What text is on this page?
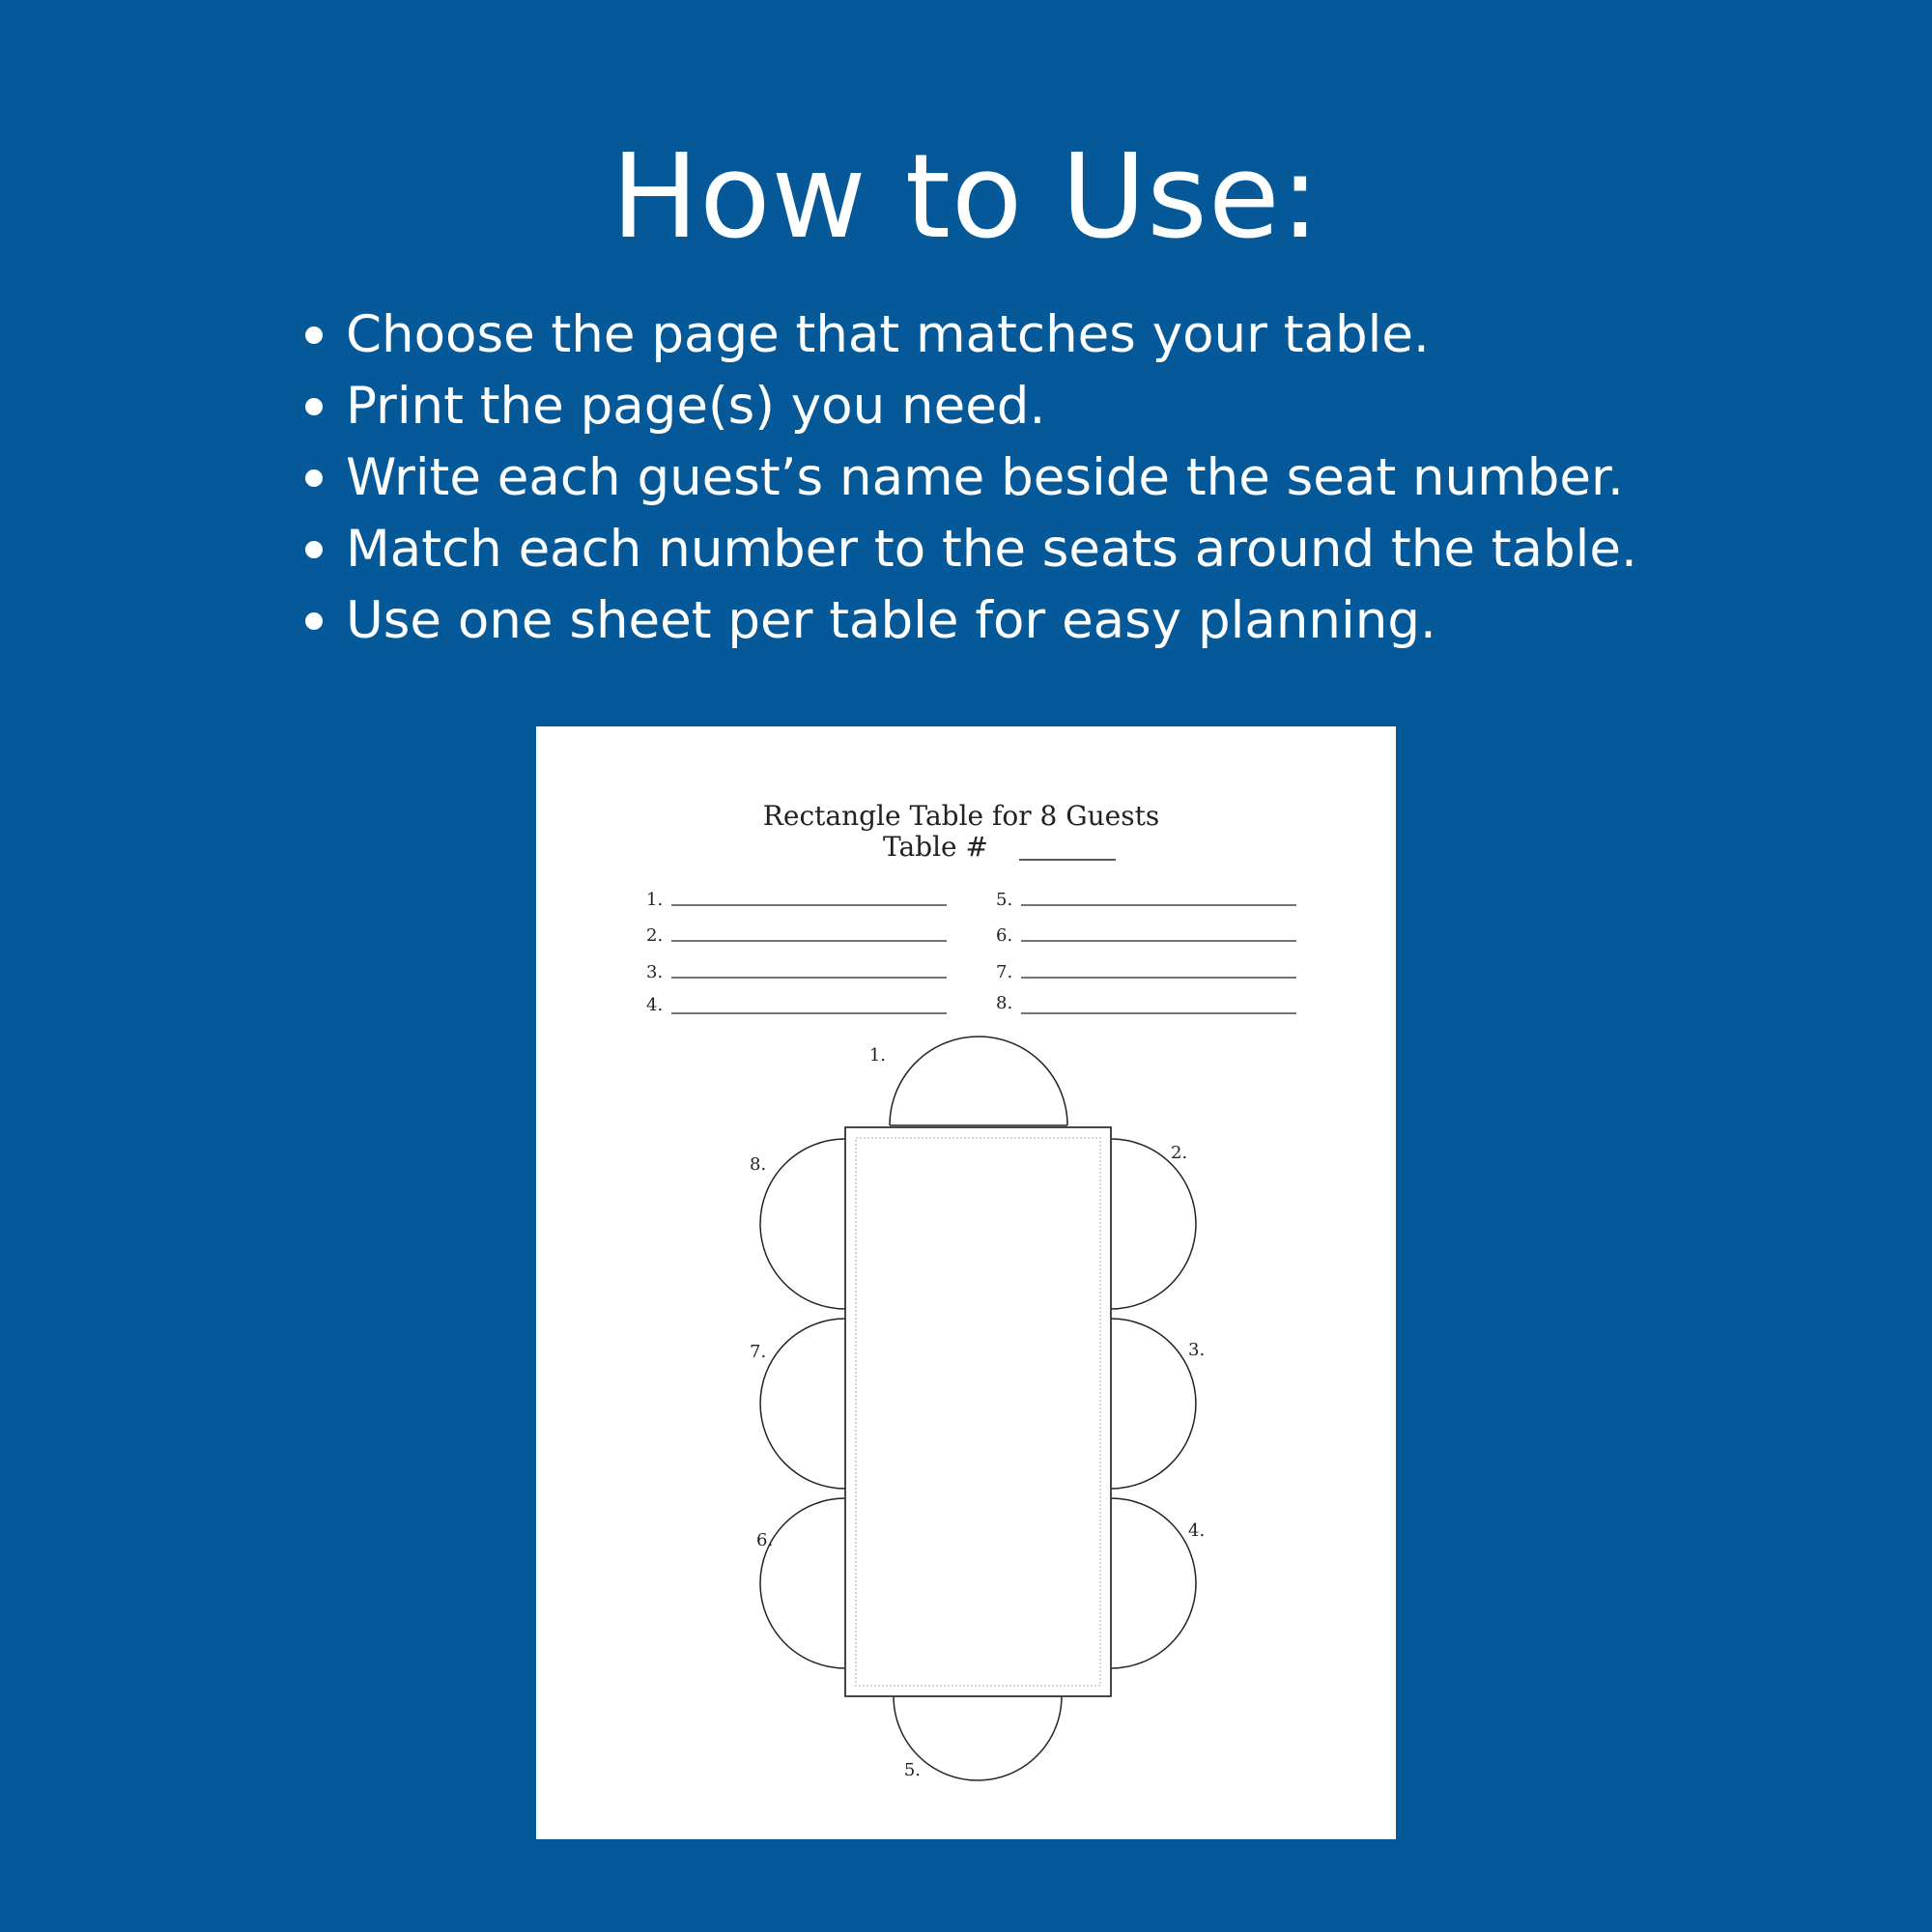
How to Use:
Choose the page that matches your table.
Print the page(s) you need.
Write each guest’s name beside the seat number.
Match each number to the seats around the table.
Use one sheet per table for easy planning.
Rectangle Table for 8 Guests
Table #
1.
2.
3.
4.
5.
6.
7.
8.
1.
2.
3.
4.
5.
6.
7.
8.
